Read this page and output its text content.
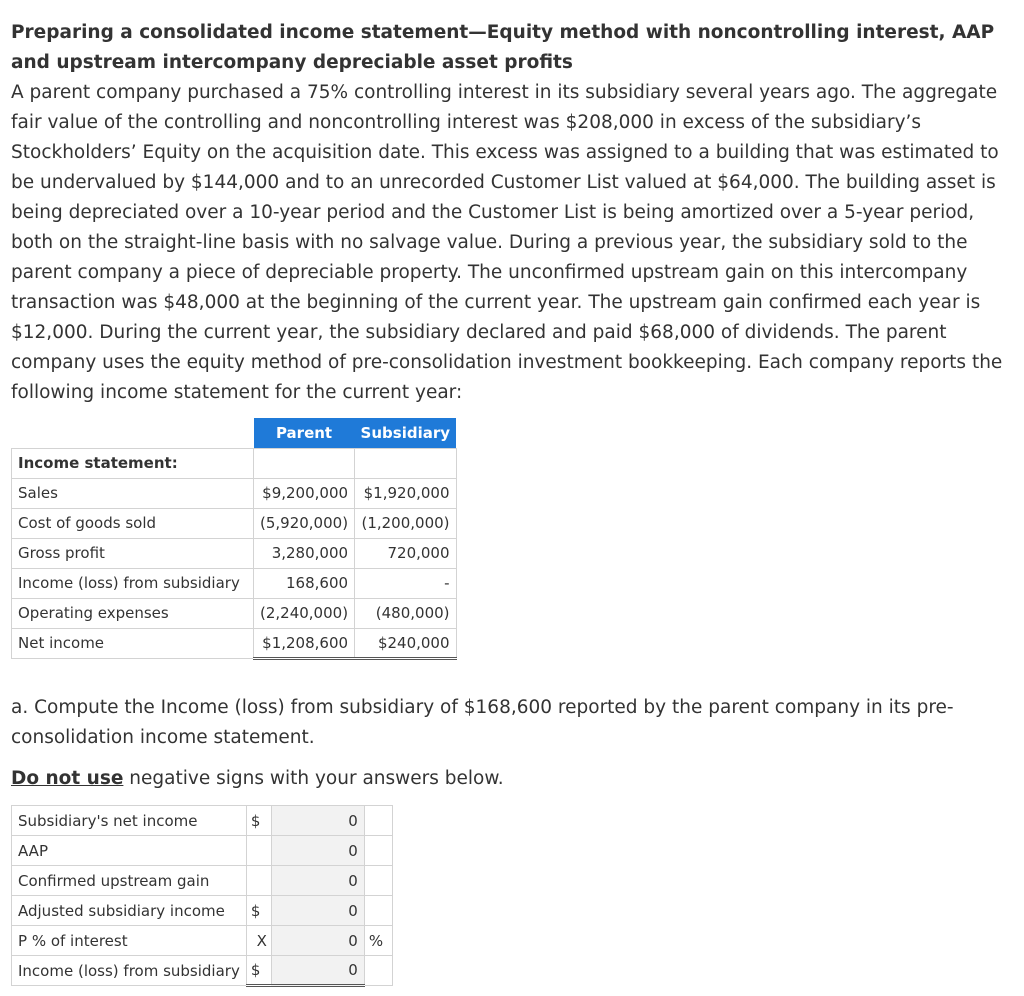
Preparing a consolidated income statement—Equity method with noncontrolling interest, AAP and upstream intercompany depreciable asset profits
A parent company purchased a 75% controlling interest in its subsidiary several years ago. The aggregate fair value of the controlling and noncontrolling interest was $208,000 in excess of the subsidiary’s Stockholders’ Equity on the acquisition date. This excess was assigned to a building that was estimated to be undervalued by $144,000 and to an unrecorded Customer List valued at $64,000. The building asset is being depreciated over a 10-year period and the Customer List is being amortized over a 5-year period, both on the straight-line basis with no salvage value. During a previous year, the subsidiary sold to the parent company a piece of depreciable property. The unconfirmed upstream gain on this intercompany transaction was $48,000 at the beginning of the current year. The upstream gain confirmed each year is $12,000. During the current year, the subsidiary declared and paid $68,000 of dividends. The parent company uses the equity method of pre-consolidation investment bookkeeping. Each company reports the following income statement for the current year:
	Parent	Subsidiary
Income statement:		
Sales	$9,200,000	$1,920,000
Cost of goods sold	(5,920,000)	(1,200,000)
Gross profit	3,280,000	720,000
Income (loss) from subsidiary	168,600	-
Operating expenses	(2,240,000)	(480,000)
Net income	$1,208,600	$240,000
a. Compute the Income (loss) from subsidiary of $168,600 reported by the parent company in its pre-consolidation income statement.
Do not use negative signs with your answers below.
Subsidiary's net income	$	0	
AAP		0	
Confirmed upstream gain		0	
Adjusted subsidiary income	$	0	
P % of interest	X	0	%
Income (loss) from subsidiary	$	0	
